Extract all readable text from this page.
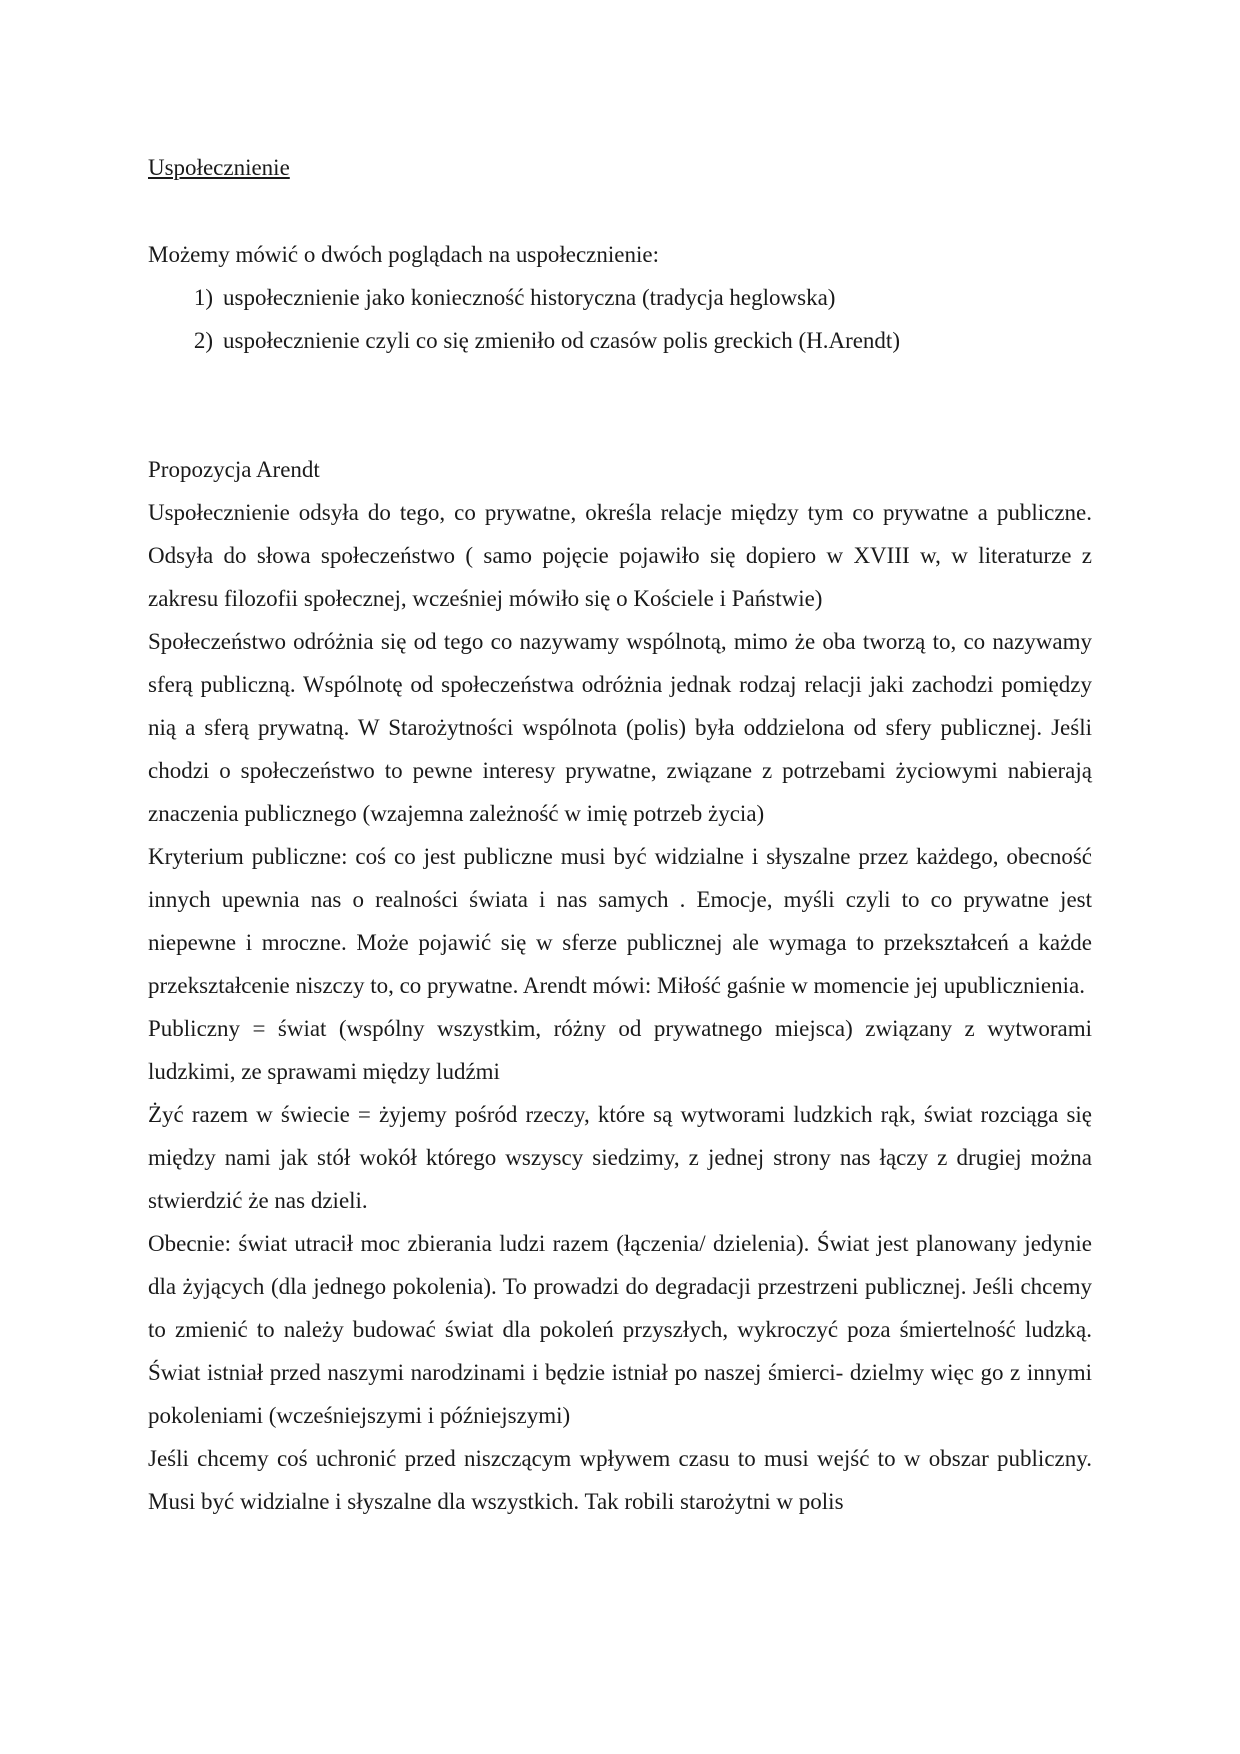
Uspołecznienie

Możemy mówić o dwóch poglądach na uspołecznienie:

1) uspołecznienie jako konieczność historyczna (tradycja heglowska)
2) uspołecznienie czyli co się zmieniło od czasów polis greckich (H.Arendt)

Propozycja Arendt

Uspołecznienie odsyła do tego, co prywatne, określa relacje między tym co prywatne a publiczne. Odsyła do słowa społeczeństwo ( samo pojęcie pojawiło się dopiero w XVIII w, w literaturze z zakresu filozofii społecznej, wcześniej mówiło się o Kościele i Państwie)

Społeczeństwo odróżnia się od tego co nazywamy wspólnotą, mimo że oba tworzą to, co nazywamy sferą publiczną. Wspólnotę od społeczeństwa odróżnia jednak rodzaj relacji jaki zachodzi pomiędzy nią a sferą prywatną. W Starożytności wspólnota (polis) była oddzielona od sfery publicznej. Jeśli chodzi o społeczeństwo to pewne interesy prywatne, związane z potrzebami życiowymi nabierają znaczenia publicznego (wzajemna zależność w imię potrzeb życia)

Kryterium publiczne: coś co jest publiczne musi być widzialne i słyszalne przez każdego, obecność innych upewnia nas o realności świata i nas samych . Emocje, myśli czyli to co prywatne jest niepewne i mroczne. Może pojawić się w sferze publicznej ale wymaga to przekształceń a każde przekształcenie niszczy to, co prywatne. Arendt mówi: Miłość gaśnie w momencie jej upublicznienia.

Publiczny = świat (wspólny wszystkim, różny od prywatnego miejsca) związany z wytworami ludzkimi, ze sprawami między ludźmi

Żyć razem w świecie = żyjemy pośród rzeczy, które są wytworami ludzkich rąk, świat rozciąga się między nami jak stół wokół którego wszyscy siedzimy, z jednej strony nas łączy z drugiej można stwierdzić że nas dzieli.

Obecnie: świat utracił moc zbierania ludzi razem (łączenia/ dzielenia). Świat jest planowany jedynie dla żyjących (dla jednego pokolenia). To prowadzi do degradacji przestrzeni publicznej. Jeśli chcemy to zmienić to należy budować świat dla pokoleń przyszłych, wykroczyć poza śmiertelność ludzką. Świat istniał przed naszymi narodzinami i będzie istniał po naszej śmierci- dzielmy więc go z innymi pokoleniami (wcześniejszymi i późniejszymi)

Jeśli chcemy coś uchronić przed niszczącym wpływem czasu to musi wejść to w obszar publiczny. Musi być widzialne i słyszalne dla wszystkich. Tak robili starożytni w polis
